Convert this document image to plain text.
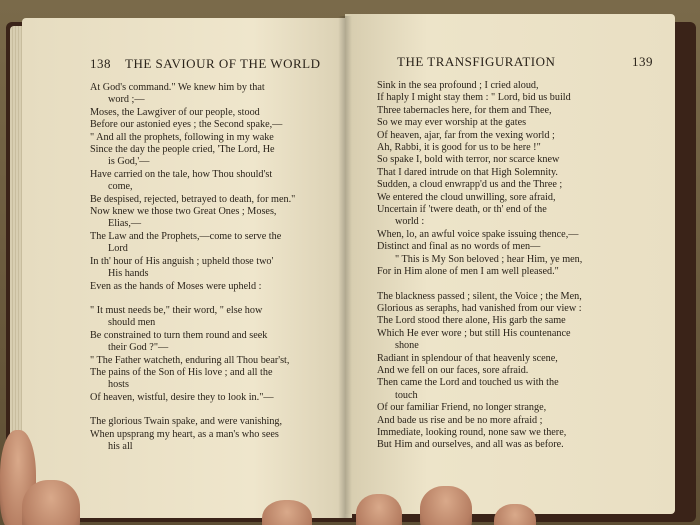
138 THE SAVIOUR OF THE WORLD
At God's command." We knew him by that
word ;—
Moses, the Lawgiver of our people, stood
Before our astonied eyes ; the Second spake,—
" And all the prophets, following in my wake
Since the day the people cried, 'The Lord, He
is God,'—
Have carried on the tale, how Thou should'st
come,
Be despised, rejected, betrayed to death, for men."
Now knew we those two Great Ones ; Moses,
Elias,—
The Law and the Prophets,—come to serve the
Lord
In th' hour of His anguish ; upheld those two'
His hands
Even as the hands of Moses were upheld :
" It must needs be," their word, " else how
should men
Be constrained to turn them round and seek
their God ?"—
" The Father watcheth, enduring all Thou bear'st,
The pains of the Son of His love ; and all the
hosts
Of heaven, wistful, desire they to look in."—
The glorious Twain spake, and were vanishing,
When upsprang my heart, as a man's who sees
his all
THE TRANSFIGURATION	139
Sink in the sea profound ; I cried aloud,
If haply I might stay them : " Lord, bid us build
Three tabernacles here, for them and Thee,
So we may ever worship at the gates
Of heaven, ajar, far from the vexing world ;
Ah, Rabbi, it is good for us to be here !"
So spake I, bold with terror, nor scarce knew
That I dared intrude on that High Solemnity.
Sudden, a cloud enwrapp'd us and the Three ;
We entered the cloud unwilling, sore afraid,
Uncertain if 'twere death, or th' end of the
world :
When, lo, an awful voice spake issuing thence,—
Distinct and final as no words of men—
" This is My Son beloved ; hear Him, ye men,
For in Him alone of men I am well pleased."
The blackness passed ; silent, the Voice ; the Men,
Glorious as seraphs, had vanished from our view :
The Lord stood there alone, His garb the same
Which He ever wore ; but still His countenance
shone
Radiant in splendour of that heavenly scene,
And we fell on our faces, sore afraid.
Then came the Lord and touched us with the
touch
Of our familiar Friend, no longer strange,
And bade us rise and be no more afraid ;
Immediate, looking round, none saw we there,
But Him and ourselves, and all was as before.
